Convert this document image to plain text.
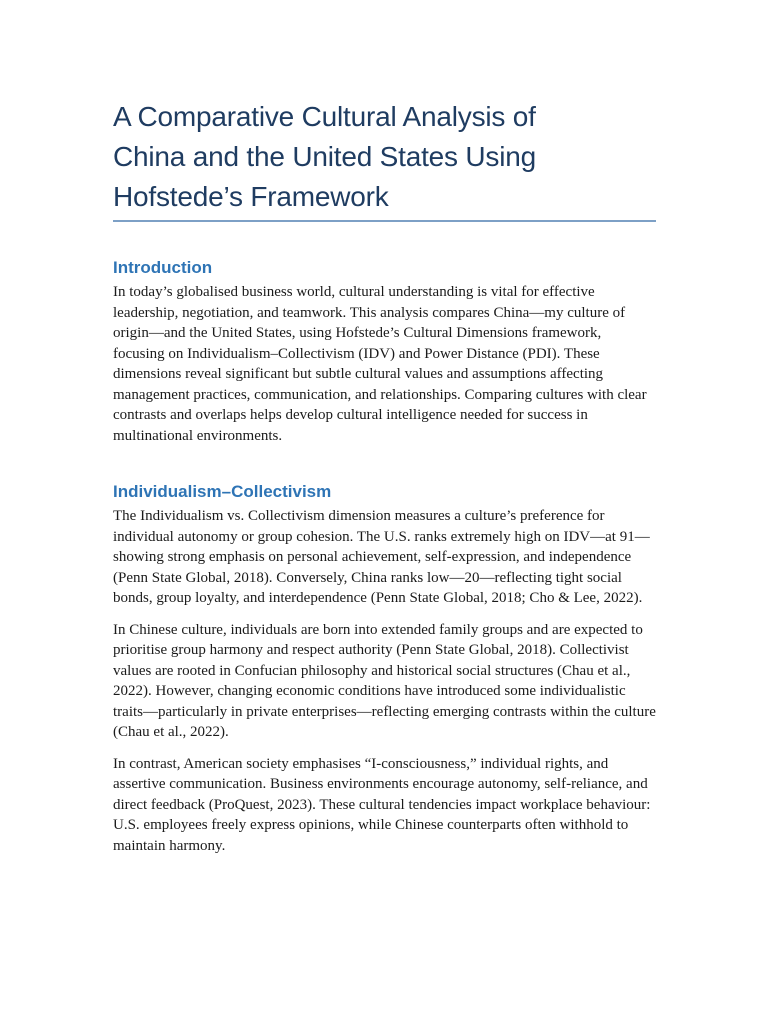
A Comparative Cultural Analysis of
China and the United States Using
Hofstede’s Framework
Introduction

In today’s globalised business world, cultural understanding is vital for effective leadership, negotiation, and teamwork. This analysis compares China—my culture of origin—and the United States, using Hofstede’s Cultural Dimensions framework, focusing on Individualism–Collectivism (IDV) and Power Distance (PDI). These dimensions reveal significant but subtle cultural values and assumptions affecting management practices, communication, and relationships. Comparing cultures with clear contrasts and overlaps helps develop cultural intelligence needed for success in multinational environments.

Individualism–Collectivism

The Individualism vs. Collectivism dimension measures a culture’s preference for individual autonomy or group cohesion. The U.S. ranks extremely high on IDV—at 91—showing strong emphasis on personal achievement, self-expression, and independence (Penn State Global, 2018). Conversely, China ranks low—20—reflecting tight social bonds, group loyalty, and interdependence (Penn State Global, 2018; Cho & Lee, 2022).

In Chinese culture, individuals are born into extended family groups and are expected to prioritise group harmony and respect authority (Penn State Global, 2018). Collectivist values are rooted in Confucian philosophy and historical social structures (Chau et al., 2022). However, changing economic conditions have introduced some individualistic traits—particularly in private enterprises—reflecting emerging contrasts within the culture (Chau et al., 2022).

In contrast, American society emphasises “I-consciousness,” individual rights, and assertive communication. Business environments encourage autonomy, self-reliance, and direct feedback (ProQuest, 2023). These cultural tendencies impact workplace behaviour: U.S. employees freely express opinions, while Chinese counterparts often withhold to maintain harmony.
